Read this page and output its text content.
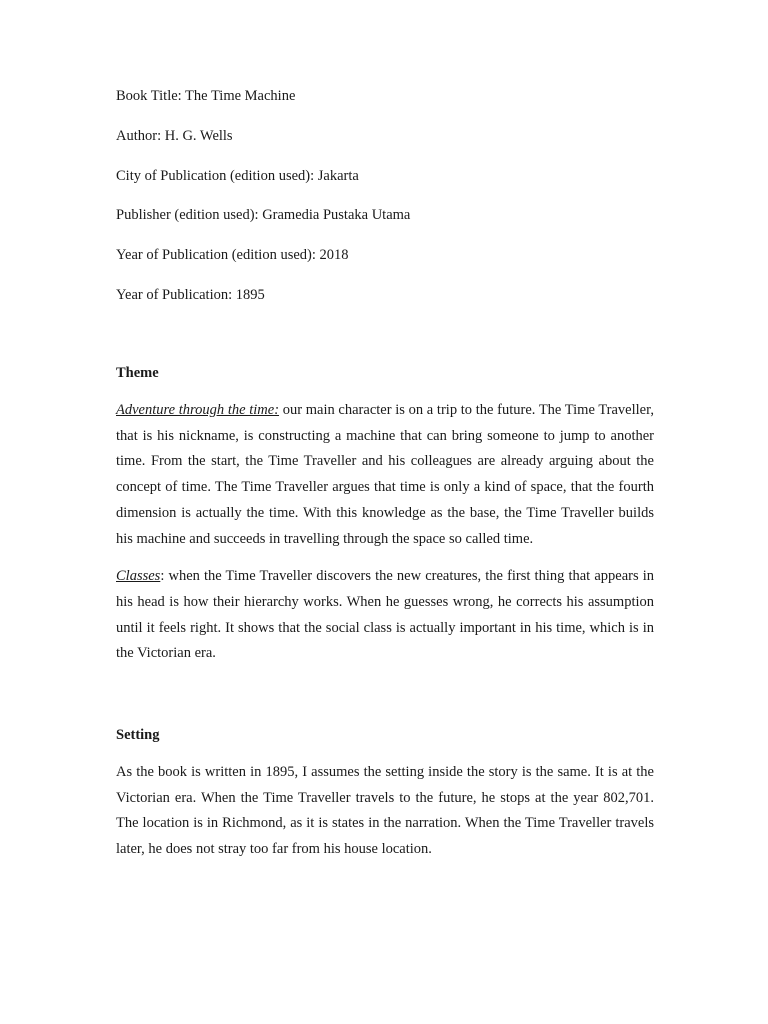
Book Title: The Time Machine
Author: H. G. Wells
City of Publication (edition used): Jakarta
Publisher (edition used): Gramedia Pustaka Utama
Year of Publication (edition used): 2018
Year of Publication: 1895
Theme

Adventure through the time: our main character is on a trip to the future. The Time Traveller, that is his nickname, is constructing a machine that can bring someone to jump to another time. From the start, the Time Traveller and his colleagues are already arguing about the concept of time. The Time Traveller argues that time is only a kind of space, that the fourth dimension is actually the time. With this knowledge as the base, the Time Traveller builds his machine and succeeds in travelling through the space so called time.

Classes: when the Time Traveller discovers the new creatures, the first thing that appears in his head is how their hierarchy works. When he guesses wrong, he corrects his assumption until it feels right. It shows that the social class is actually important in his time, which is in the Victorian era.

Setting

As the book is written in 1895, I assumes the setting inside the story is the same. It is at the Victorian era. When the Time Traveller travels to the future, he stops at the year 802,701. The location is in Richmond, as it is states in the narration. When the Time Traveller travels later, he does not stray too far from his house location.
